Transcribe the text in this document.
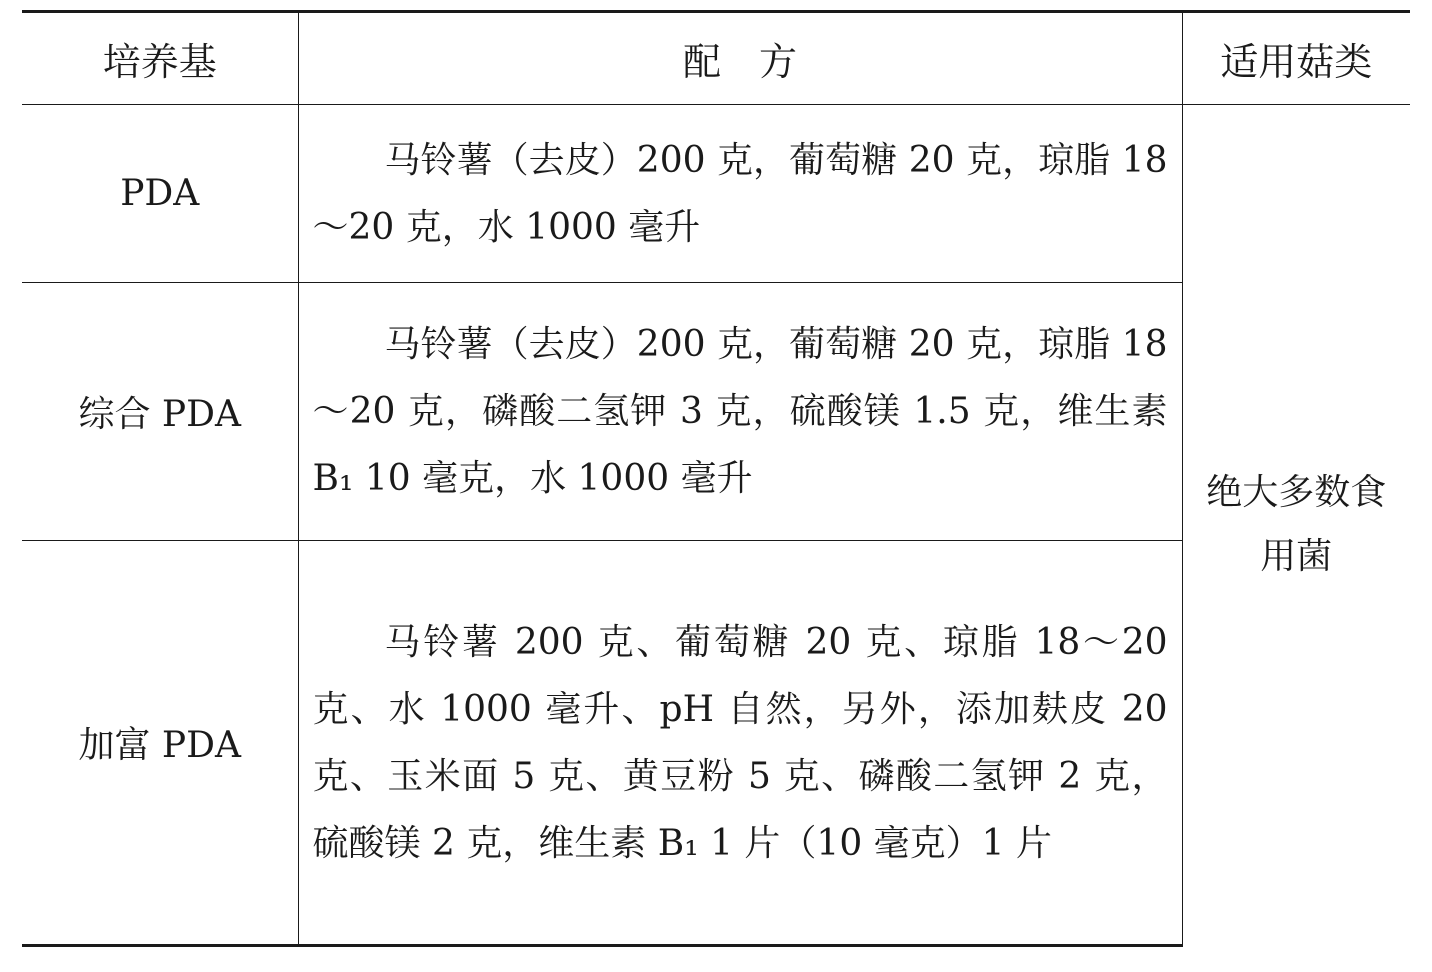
培养基	配　方	适用菇类
PDA	马铃薯（去皮）200 克，葡萄糖 20 克，琼脂 18～20 克，水 1000 毫升	绝大多数食用菌
综合 PDA	马铃薯（去皮）200 克，葡萄糖 20 克，琼脂 18～20 克，磷酸二氢钾 3 克，硫酸镁 1.5 克，维生素 B₁ 10 毫克，水 1000 毫升	
加富 PDA	马铃薯 200 克、葡萄糖 20 克、琼脂 18～20 克、水 1000 毫升、pH 自然，另外，添加麸皮 20 克、玉米面 5 克、黄豆粉 5 克、磷酸二氢钾 2 克，硫酸镁 2 克，维生素 B₁ 1 片（10 毫克）1 片	
